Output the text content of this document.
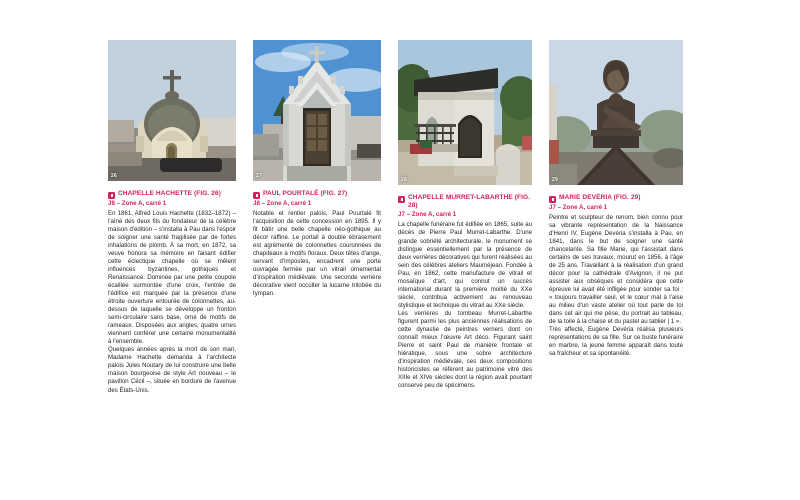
26
CHAPELLE HACHETTE (FIG. 26)
J8 – Zone A, carré 1

En 1861, Alfred Louis Hachette (1832–1872) – l'aîné des deux fils du fondateur de la célèbre maison d'édition – s'installa à Pau dans l'espoir de soigner une santé fragilisée par de fortes inhalations de plomb. À sa mort, en 1872, sa veuve honora sa mémoire en faisant édifier cette éclectique chapelle où se mêlent influences byzantines, gothiques et Renaissance. Dominée par une petite coupole écaillée surmontée d'une croix, l'entrée de l'édifice est marquée par la présence d'une étroite ouverture entourée de colonnettes, au-dessus de laquelle se développe un fronton semi-circulaire sans base, orné de motifs de rameaux. Disposées aux angles, quatre urnes viennent conférer une certaine monumentalité à l'ensemble.

Quelques années après la mort de son mari, Madame Hachette demanda à l'architecte palois Jules Noutary de lui construire une belle maison bourgeoise de style Art nouveau – le pavillon Cécil –, située en bordure de l'avenue des États-Unis.

27
PAUL POURTALÉ (FIG. 27)
J8 – Zone A, carré 1

Notable et rentier palois, Paul Pourtalé fit l'acquisition de cette concession en 1895. Il y fit bâtir une belle chapelle néo-gothique au décor raffiné. Le portail à double ébrasement est agrémenté de colonnettes couronnées de chapiteaux à motifs floraux. Deux têtes d'ange, servant d'impostes, encadrent une porte ouvragée fermée par un vitrail ornemental d'inspiration médiévale. Une seconde verrière décorative vient occulter la lucarne trilobée du tympan.

28
CHAPELLE MURRET-LABARTHE (FIG. 28)
J7 – Zone A, carré 1

La chapelle funéraire fut édifiée en 1865, suite au décès de Pierre Paul Murret-Labarthe. D'une grande sobriété architecturale, le monument se distingue essentiellement par la présence de deux verrières décoratives qui furent réalisées au sein des célèbres ateliers Mauméjean. Fondée à Pau, en 1862, cette manufacture de vitrail et mosaïque d'art, qui connut un succès international durant la première moitié du XXe siècle, contribua activement au renouveau stylistique et technique du vitrail au XXe siècle.

Les verrières du tombeau Murret-Labarthe figurent parmi les plus anciennes réalisations de cette dynastie de peintres verriers dont on connaît mieux l'œuvre Art déco. Figurant saint Pierre et saint Paul de manière frontale et hiératique, sous une sobre architecture d'inspiration médiévale, ces deux compositions historicistes se réfèrent au patrimoine vitré des XIIIe et XIVe siècles dont la région avait pourtant conservé peu de spécimens.

29
MARIE DEVÉRIA (FIG. 29)
J7 – Zone A, carré 1

Peintre et sculpteur de renom, bien connu pour sa vibrante représentation de la Naissance d'Henri IV, Eugène Devéria s'installa à Pau, en 1841, dans le but de soigner une santé chancelante. Sa fille Marie, qui l'assistait dans certains de ses travaux, mourut en 1856, à l'âge de 25 ans. Travaillant à la réalisation d'un grand décor pour la cathédrale d'Avignon, il ne put assister aux obsèques et considéra que cette épreuve lui avait été infligée pour sonder sa foi : « toujours travailler seul, et le cœur mal à l'aise au milieu d'un vaste atelier où tout parle de toi dans cet air qui me pèse, du portrait au tableau, de la toile à la chaise et du pastel au tablier | 1 ».

Très affecté, Eugène Devéria réalisa plusieurs représentations de sa fille. Sur ce buste funéraire en marbre, la jeune femme apparaît dans toute sa fraîcheur et sa spontanéité.
